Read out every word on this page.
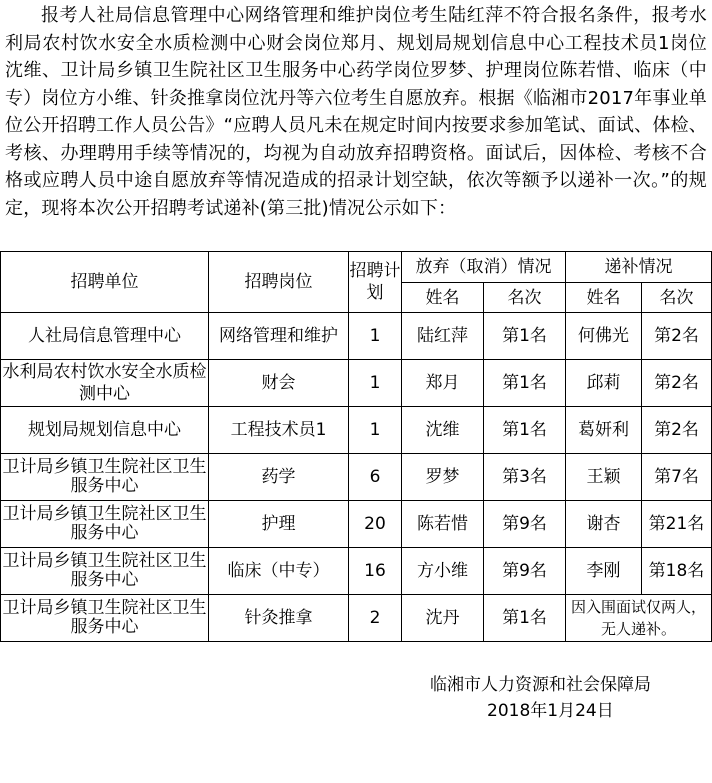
报考人社局信息管理中心网络管理和维护岗位考生陆红萍不符合报名条件，报考水利局农村饮水安全水质检测中心财会岗位郑月、规划局规划信息中心工程技术员1岗位沈维、卫计局乡镇卫生院社区卫生服务中心药学岗位罗梦、护理岗位陈若惜、临床（中专）岗位方小维、针灸推拿岗位沈丹等六位考生自愿放弃。根据《临湘市2017年事业单位公开招聘工作人员公告》“应聘人员凡未在规定时间内按要求参加笔试、面试、体检、考核、办理聘用手续等情况的，均视为自动放弃招聘资格。面试后，因体检、考核不合格或应聘人员中途自愿放弃等情况造成的招录计划空缺，依次等额予以递补一次。”的规定，现将本次公开招聘考试递补(第三批)情况公示如下：

招聘单位	招聘岗位	招聘计划	放弃（取消）情况		递补情况	
			姓名	名次	姓名	名次
人社局信息管理中心	网络管理和维护	1	陆红萍	第1名	何佛光	第2名
水利局农村饮水安全水质检测中心	财会	1	郑月	第1名	邱莉	第2名
规划局规划信息中心	工程技术员1	1	沈维	第1名	葛妍利	第2名
卫计局乡镇卫生院社区卫生服务中心	药学	6	罗梦	第3名	王颖	第7名
卫计局乡镇卫生院社区卫生服务中心	护理	20	陈若惜	第9名	谢杏	第21名
卫计局乡镇卫生院社区卫生服务中心	临床（中专）	16	方小维	第9名	李刚	第18名
卫计局乡镇卫生院社区卫生服务中心	针灸推拿	2	沈丹	第1名	因入围面试仅两人，无人递补。	
临湘市人力资源和社会保障局
2018年1月24日
